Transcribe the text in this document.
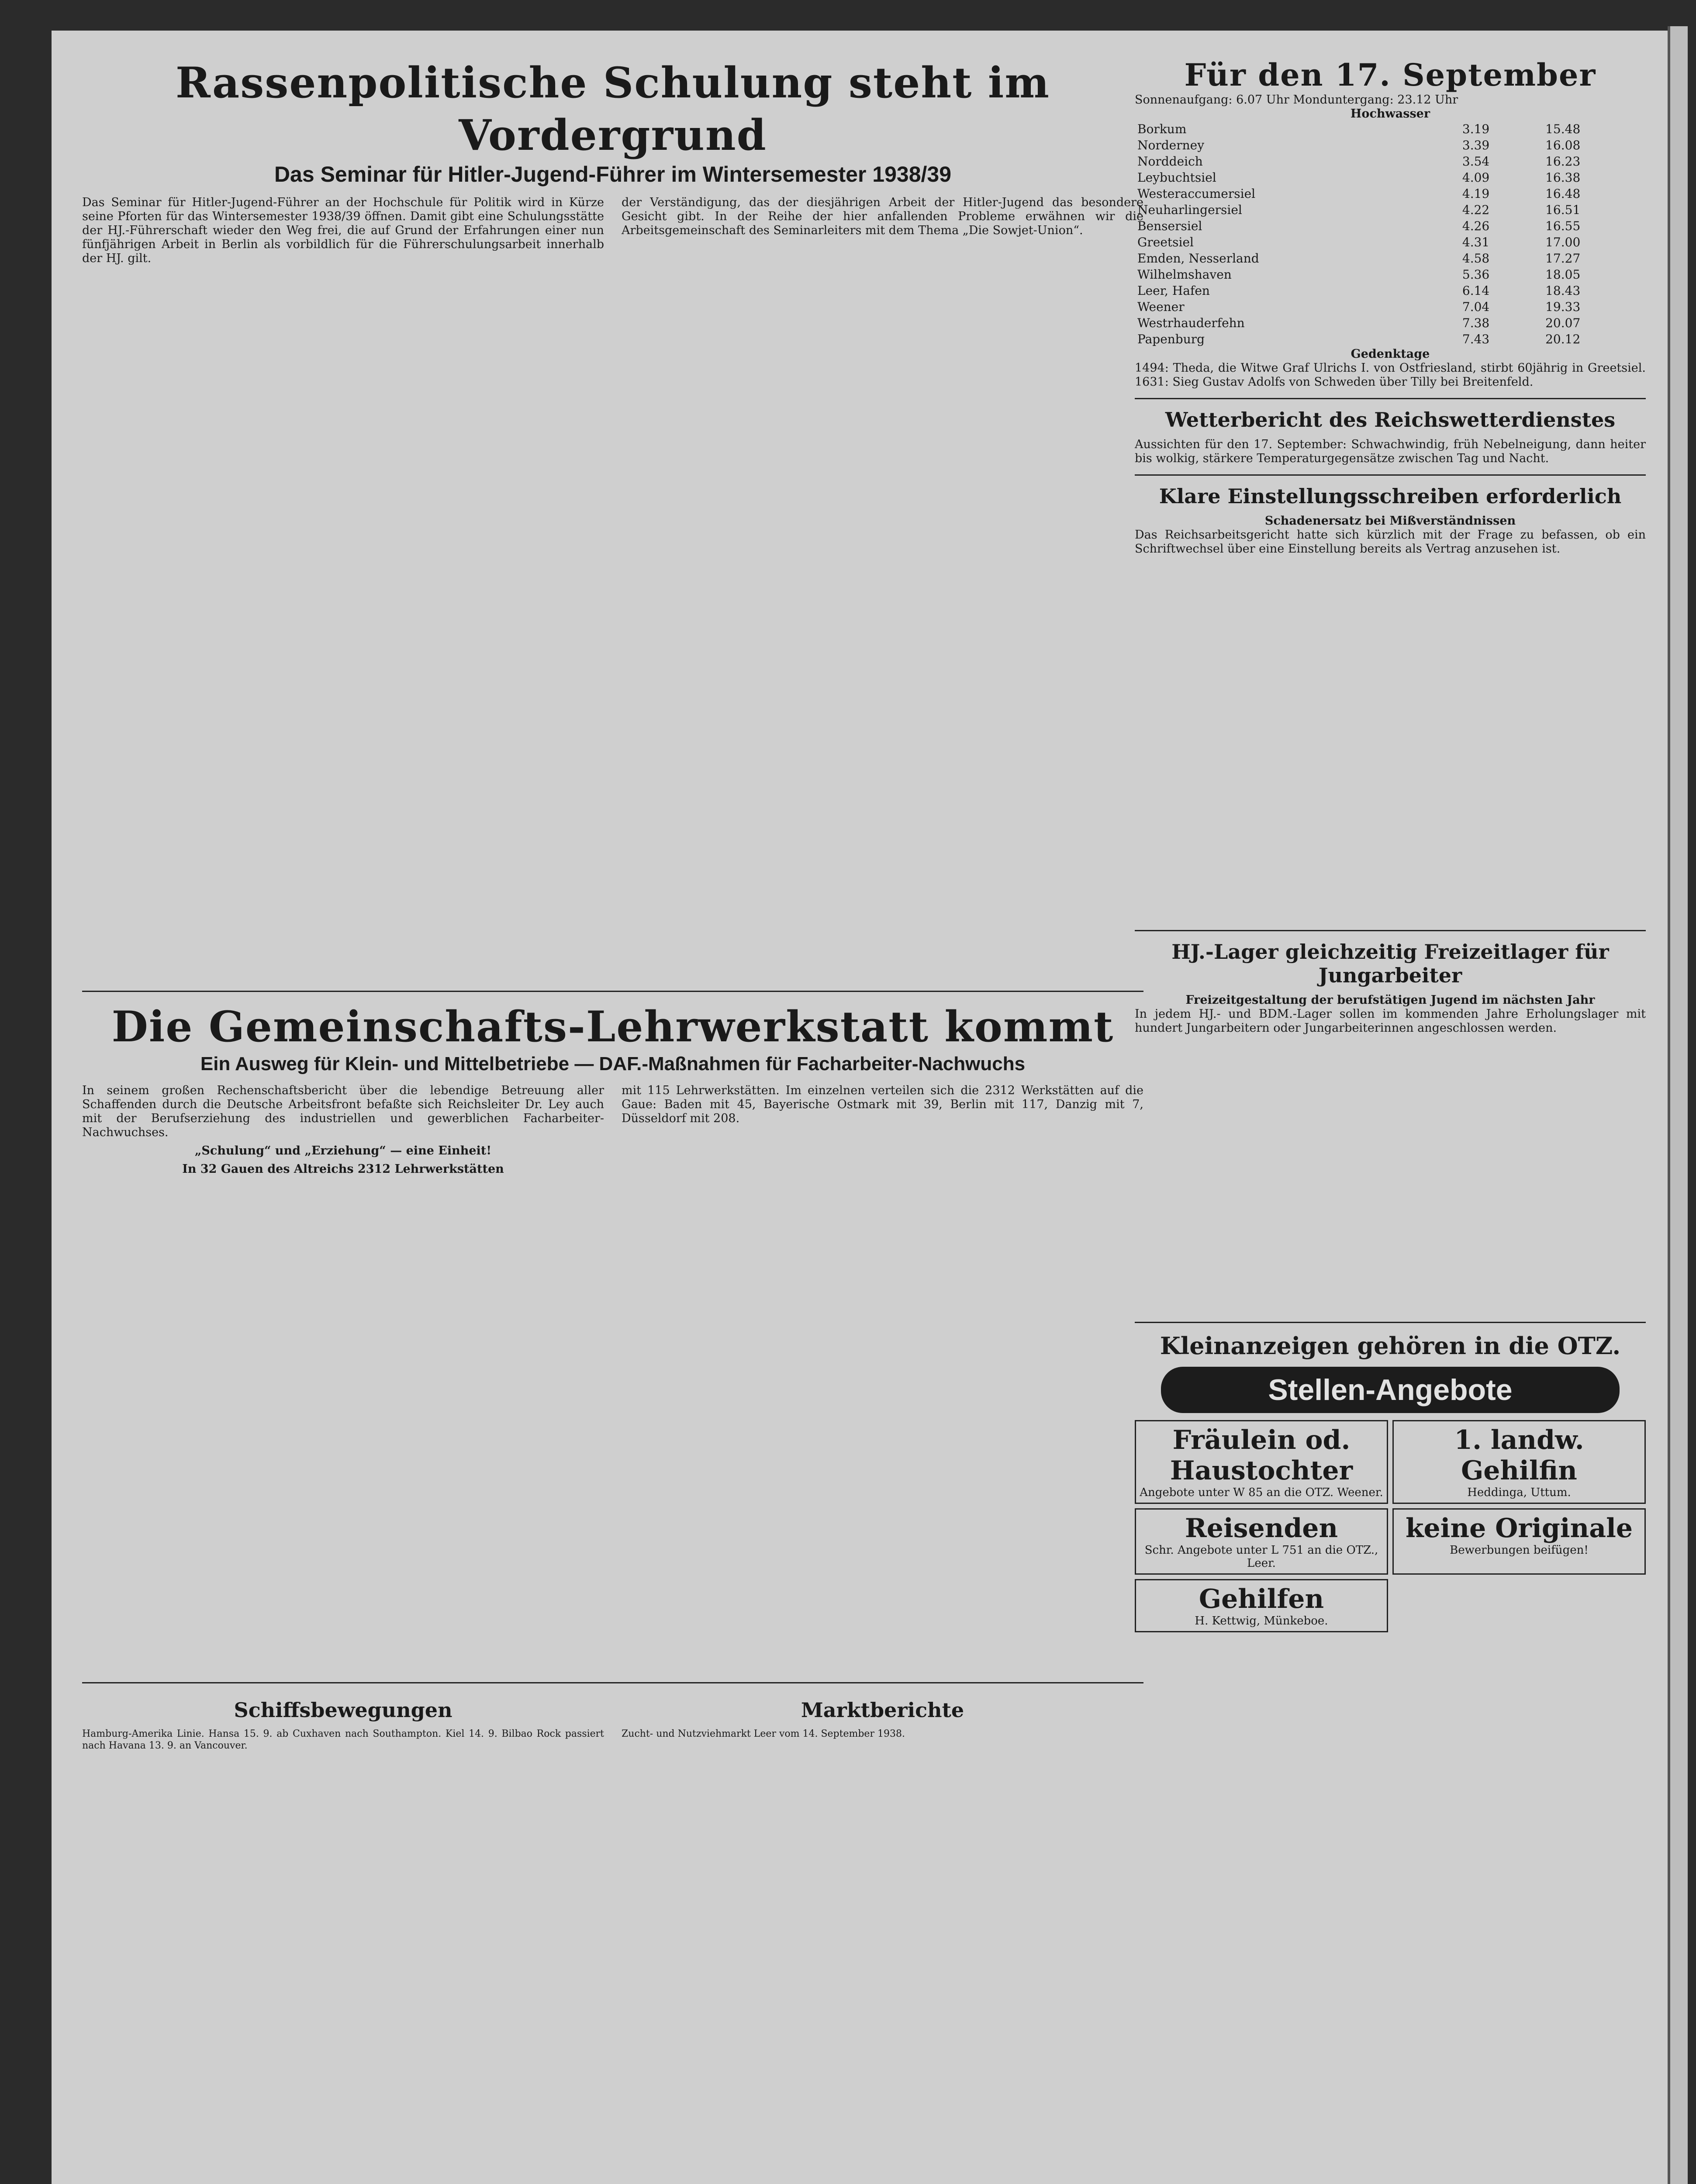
Rassenpolitische Schulung steht im Vordergrund
Das Seminar für Hitler-Jugend-Führer im Wintersemester 1938/39
Das Seminar für Hitler-Jugend-Führer an der Hochschule für Politik wird in Kürze seine Pforten für das Wintersemester 1938/39 öffnen. Damit gibt eine Schulungsstätte der HJ.-Führerschaft wieder den Weg frei, die auf Grund der Erfahrungen einer nun fünfjährigen Arbeit in Berlin als vorbildlich für die Führerschulungsarbeit innerhalb der HJ. gilt.
der Verständigung, das der diesjährigen Arbeit der Hitler-Jugend das besondere Gesicht gibt. In der Reihe der hier anfallenden Probleme erwähnen wir die Arbeitsgemeinschaft des Seminarleiters mit dem Thema „Die Sowjet-Union“.
Die Gemeinschafts-Lehrwerkstatt kommt
Ein Ausweg für Klein- und Mittelbetriebe — DAF.-Maßnahmen für Facharbeiter-Nachwuchs
In seinem großen Rechenschaftsbericht über die lebendige Betreuung aller Schaffenden durch die Deutsche Arbeitsfront befaßte sich Reichsleiter Dr. Ley auch mit der Berufserziehung des industriellen und gewerblichen Facharbeiter-Nachwuchses.
„Schulung“ und „Erziehung“ — eine Einheit!
In 32 Gauen des Altreichs 2312 Lehrwerkstätten
mit 115 Lehrwerkstätten. Im einzelnen verteilen sich die 2312 Werkstätten auf die Gaue: Baden mit 45, Bayerische Ostmark mit 39, Berlin mit 117, Danzig mit 7, Düsseldorf mit 208.
Schiffsbewegungen
Hamburg-Amerika Linie. Hansa 15. 9. ab Cuxhaven nach Southampton. Kiel 14. 9. Bilbao Rock passiert nach Havana 13. 9. an Vancouver.
Marktberichte
Zucht- und Nutzviehmarkt Leer vom 14. September 1938.
Für den 17. September
Sonnenaufgang: 6.07 Uhr Monduntergang: 23.12 Uhr
Hochwasser
Borkum	3.19	15.48
Norderney	3.39	16.08
Norddeich	3.54	16.23
Leybuchtsiel	4.09	16.38
Westeraccumersiel	4.19	16.48
Neuharlingersiel	4.22	16.51
Bensersiel	4.26	16.55
Greetsiel	4.31	17.00
Emden, Nesserland	4.58	17.27
Wilhelmshaven	5.36	18.05
Leer, Hafen	6.14	18.43
Weener	7.04	19.33
Westrhauderfehn	7.38	20.07
Papenburg	7.43	20.12
Gedenktage
1494: Theda, die Witwe Graf Ulrichs I. von Ostfriesland, stirbt 60jährig in Greetsiel. 1631: Sieg Gustav Adolfs von Schweden über Tilly bei Breitenfeld.
Wetterbericht des Reichswetterdienstes
Aussichten für den 17. September: Schwachwindig, früh Nebelneigung, dann heiter bis wolkig, stärkere Temperaturgegensätze zwischen Tag und Nacht.
Klare Einstellungsschreiben erforderlich
Schadenersatz bei Mißverständnissen
Das Reichsarbeitsgericht hatte sich kürzlich mit der Frage zu befassen, ob ein Schriftwechsel über eine Einstellung bereits als Vertrag anzusehen ist.
HJ.-Lager gleichzeitig Freizeitlager für Jungarbeiter
Freizeitgestaltung der berufstätigen Jugend im nächsten Jahr
In jedem HJ.- und BDM.-Lager sollen im kommenden Jahre Erholungslager mit hundert Jungarbeitern oder Jungarbeiterinnen angeschlossen werden.
Kleinanzeigen gehören in die OTZ.
Stellen-Angebote
Fräulein od. Haustochter
Angebote unter W 85 an die OTZ. Weener.
1. landw. Gehilfin
Heddinga, Uttum.
Reisenden
Schr. Angebote unter L 751 an die OTZ., Leer.
keine Originale
Bewerbungen beifügen!
Gehilfen
H. Kettwig, Münkeboe.
